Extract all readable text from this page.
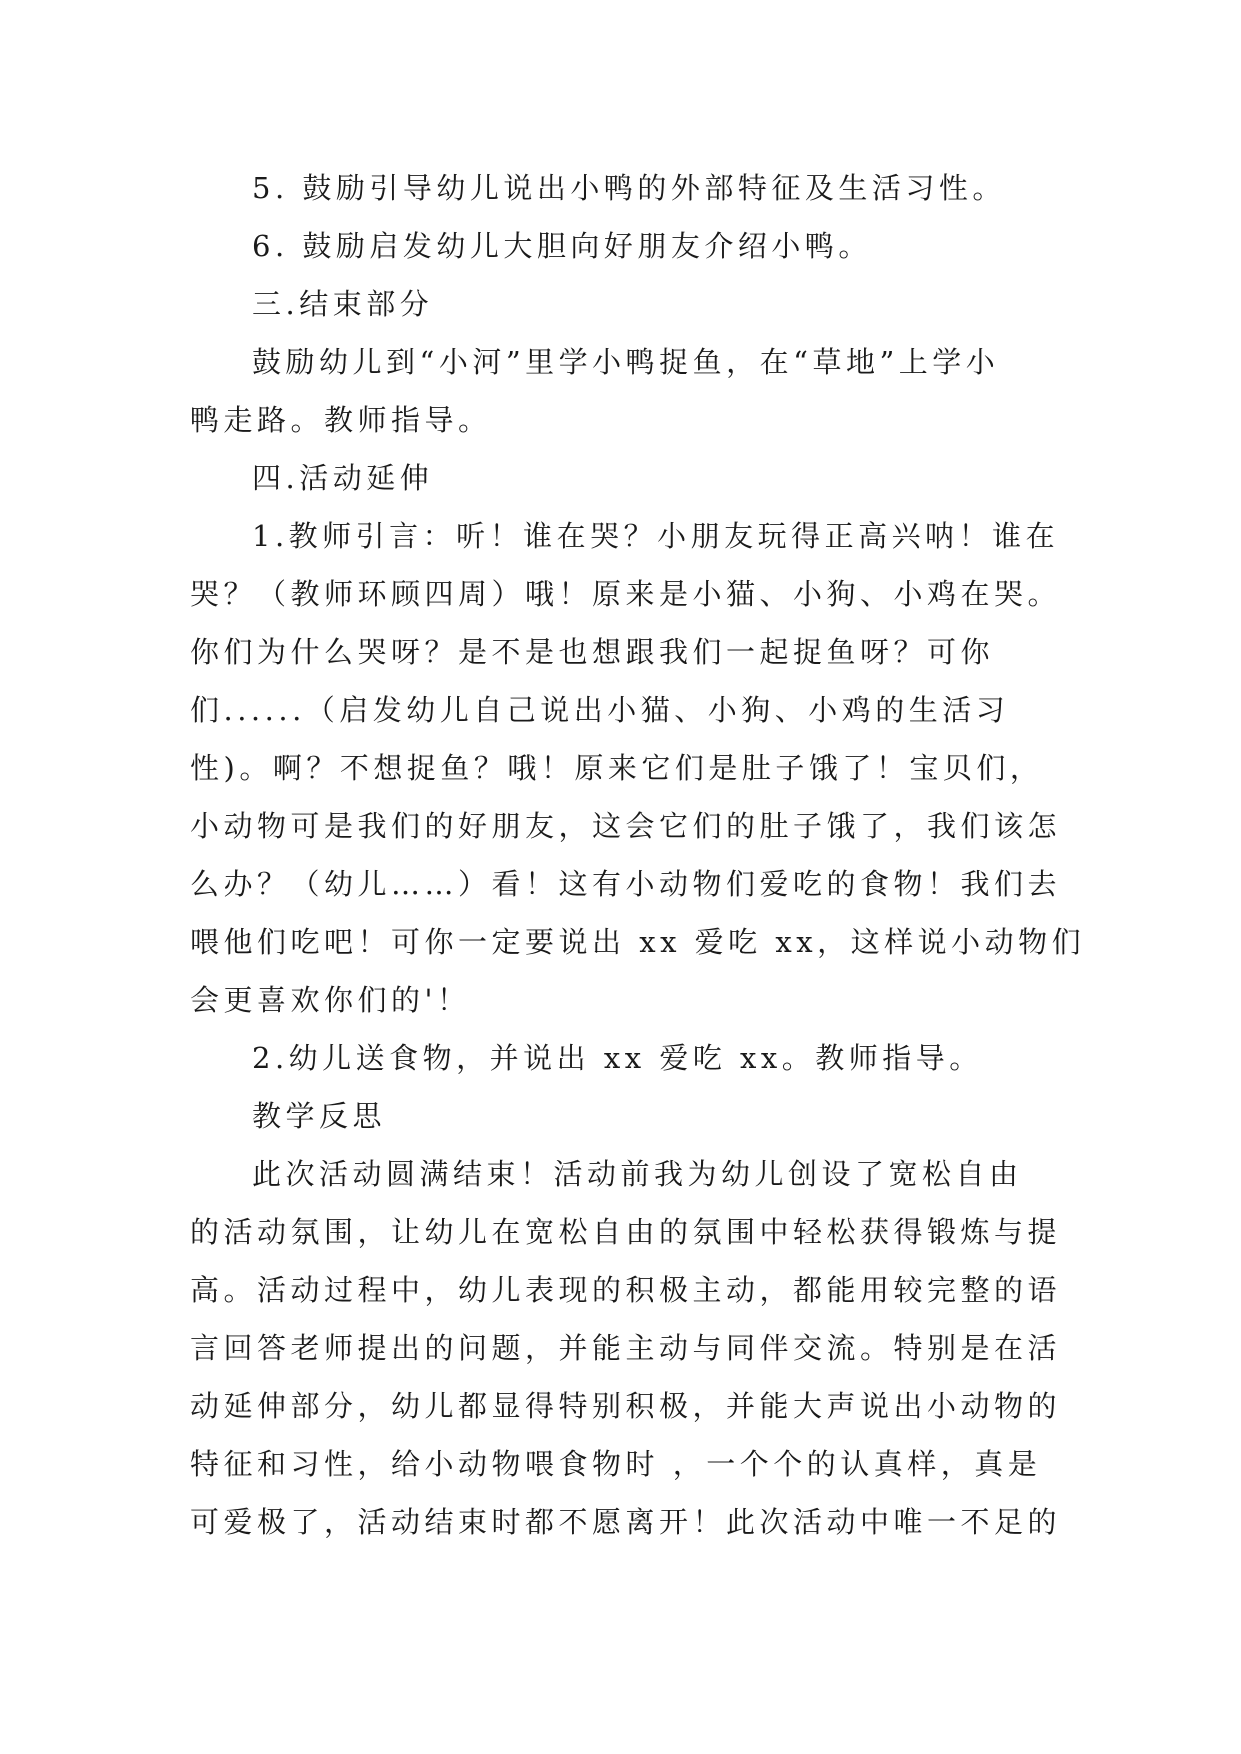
5. 鼓励引导幼儿说出小鸭的外部特征及生活习性。

6. 鼓励启发幼儿大胆向好朋友介绍小鸭。

三.结束部分

鼓励幼儿到“小河”里学小鸭捉鱼，在“草地”上学小

鸭走路。教师指导。

四.活动延伸

1.教师引言：听！谁在哭？小朋友玩得正高兴呐！谁在

哭？（教师环顾四周）哦！原来是小猫、小狗、小鸡在哭。

你们为什么哭呀？是不是也想跟我们一起捉鱼呀？可你

们......（启发幼儿自己说出小猫、小狗、小鸡的生活习

性)。啊？不想捉鱼？哦！原来它们是肚子饿了！宝贝们，

小动物可是我们的好朋友，这会它们的肚子饿了，我们该怎

么办？（幼儿……）看！这有小动物们爱吃的食物！我们去

喂他们吃吧！可你一定要说出 xx 爱吃 xx，这样说小动物们

会更喜欢你们的'！

2.幼儿送食物，并说出 xx 爱吃 xx。教师指导。

教学反思

此次活动圆满结束！活动前我为幼儿创设了宽松自由

的活动氛围，让幼儿在宽松自由的氛围中轻松获得锻炼与提

高。活动过程中，幼儿表现的积极主动，都能用较完整的语

言回答老师提出的问题，并能主动与同伴交流。特别是在活

动延伸部分，幼儿都显得特别积极，并能大声说出小动物的

特征和习性，给小动物喂食物时 ，一个个的认真样，真是

可爱极了，活动结束时都不愿离开！此次活动中唯一不足的
